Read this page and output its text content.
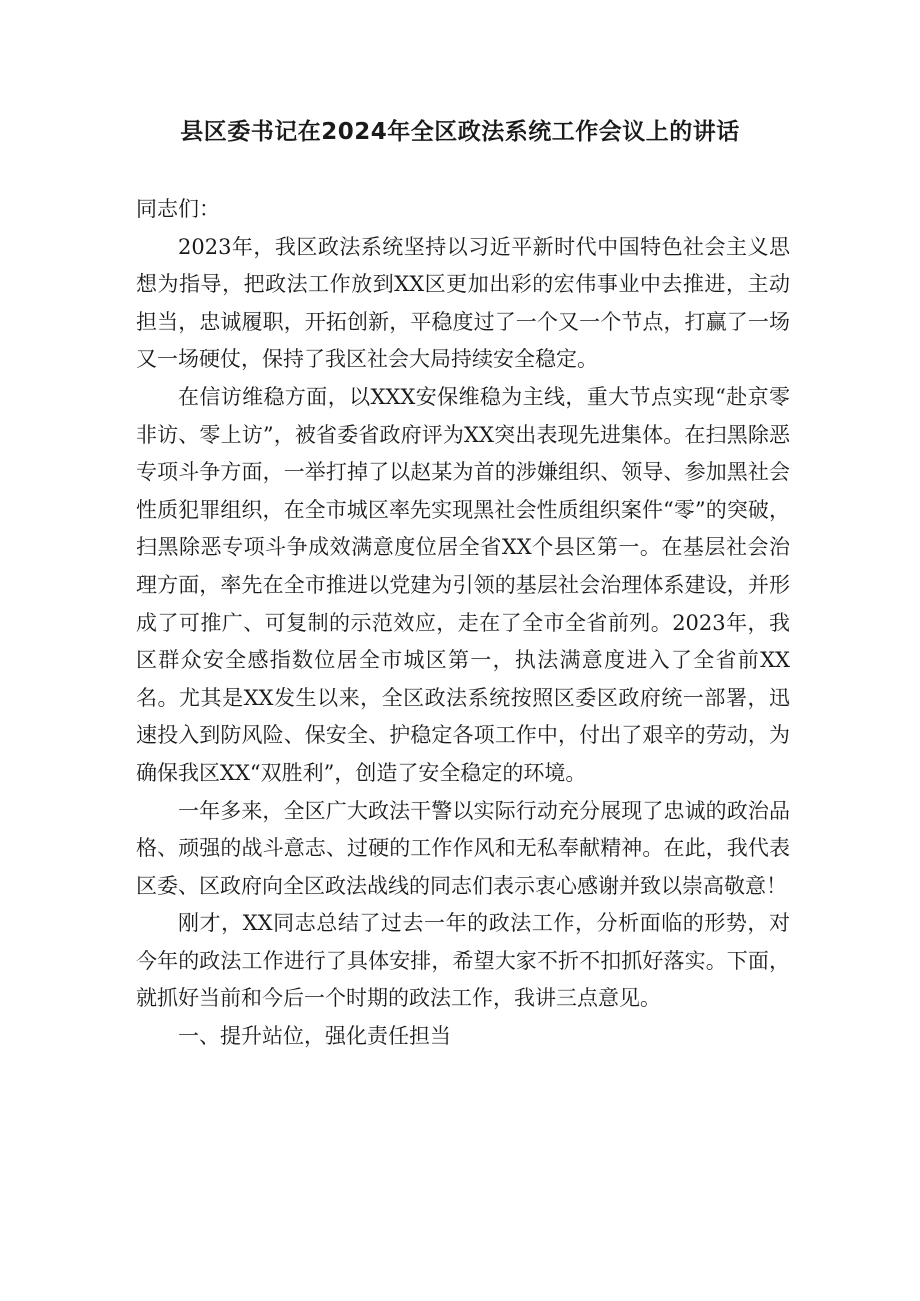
县区委书记在2024年全区政法系统工作会议上的讲话

同志们：

2023年，我区政法系统坚持以习近平新时代中国特色社会主义思想为指导，把政法工作放到XX区更加出彩的宏伟事业中去推进，主动担当，忠诚履职，开拓创新，平稳度过了一个又一个节点，打赢了一场又一场硬仗，保持了我区社会大局持续安全稳定。

在信访维稳方面，以XXX安保维稳为主线，重大节点实现“赴京零非访、零上访”，被省委省政府评为XX突出表现先进集体。在扫黑除恶专项斗争方面，一举打掉了以赵某为首的涉嫌组织、领导、参加黑社会性质犯罪组织，在全市城区率先实现黑社会性质组织案件“零”的突破，扫黑除恶专项斗争成效满意度位居全省XX个县区第一。在基层社会治理方面，率先在全市推进以党建为引领的基层社会治理体系建设，并形成了可推广、可复制的示范效应，走在了全市全省前列。2023年，我区群众安全感指数位居全市城区第一，执法满意度进入了全省前XX名。尤其是XX发生以来，全区政法系统按照区委区政府统一部署，迅速投入到防风险、保安全、护稳定各项工作中，付出了艰辛的劳动，为确保我区XX“双胜利”，创造了安全稳定的环境。

一年多来，全区广大政法干警以实际行动充分展现了忠诚的政治品格、顽强的战斗意志、过硬的工作作风和无私奉献精神。在此，我代表区委、区政府向全区政法战线的同志们表示衷心感谢并致以崇高敬意！

刚才，XX同志总结了过去一年的政法工作，分析面临的形势，对今年的政法工作进行了具体安排，希望大家不折不扣抓好落实。下面，就抓好当前和今后一个时期的政法工作，我讲三点意见。

一、提升站位，强化责任担当
